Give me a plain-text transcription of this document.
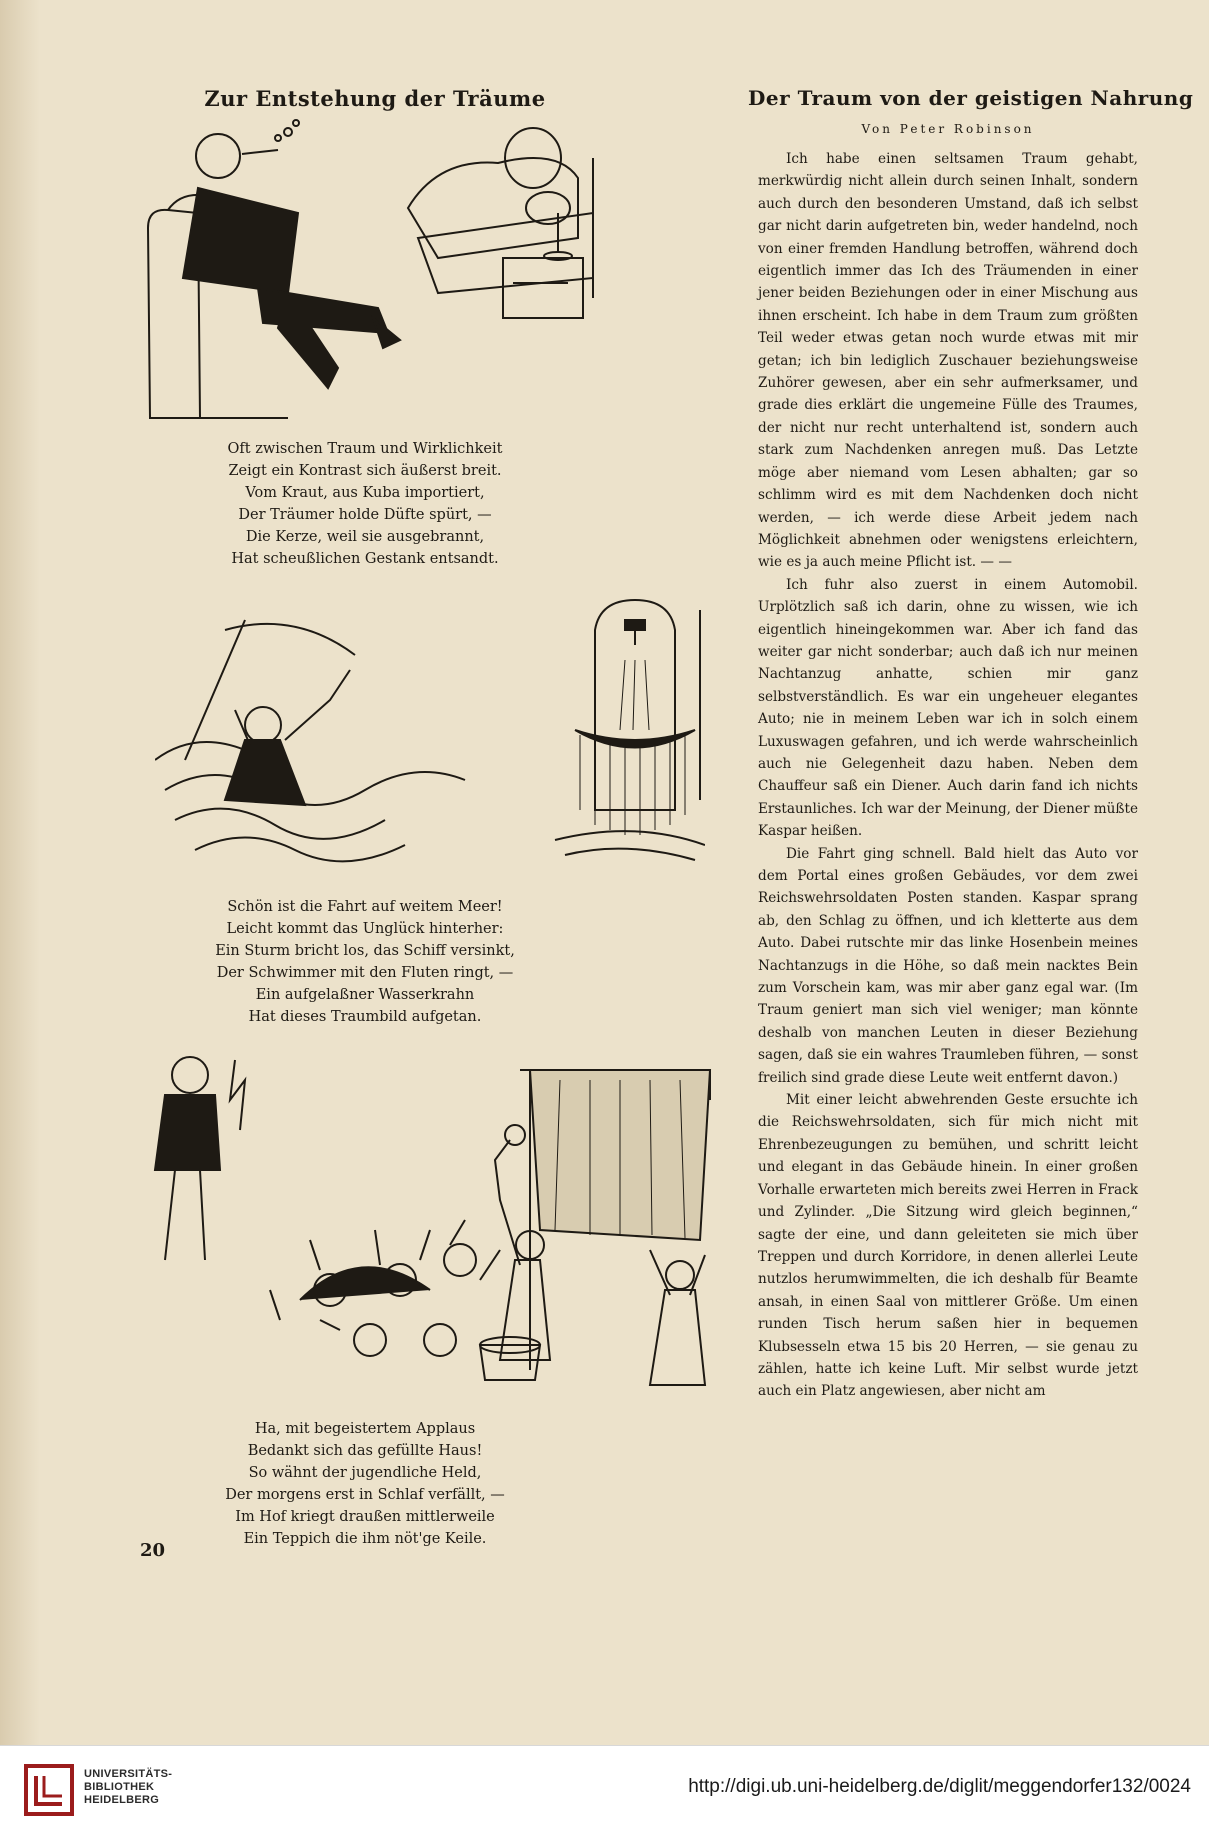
Zur Entstehung der Träume
Oft zwischen Traum und Wirklichkeit
Zeigt ein Kontrast sich äußerst breit.
Vom Kraut, aus Kuba importiert,
Der Träumer holde Düfte spürt, —
Die Kerze, weil sie ausgebrannt,
Hat scheußlichen Gestank entsandt.
Schön ist die Fahrt auf weitem Meer!
Leicht kommt das Unglück hinterher:
Ein Sturm bricht los, das Schiff versinkt,
Der Schwimmer mit den Fluten ringt, —
Ein aufgelaßner Wasserkrahn
Hat dieses Traumbild aufgetan.
Ha, mit begeistertem Applaus
Bedankt sich das gefüllte Haus!
So wähnt der jugendliche Held,
Der morgens erst in Schlaf verfällt, —
Im Hof kriegt draußen mittlerweile
Ein Teppich die ihm nöt'ge Keile.
20
Der Traum von der geistigen Nahrung
Von Peter Robinson

Ich habe einen seltsamen Traum gehabt, merkwürdig nicht allein durch seinen Inhalt, sondern auch durch den besonderen Umstand, daß ich selbst gar nicht darin aufgetreten bin, weder handelnd, noch von einer fremden Handlung betroffen, während doch eigentlich immer das Ich des Träumenden in einer jener beiden Beziehungen oder in einer Mischung aus ihnen erscheint. Ich habe in dem Traum zum größten Teil weder etwas getan noch wurde etwas mit mir getan; ich bin lediglich Zuschauer beziehungsweise Zuhörer gewesen, aber ein sehr aufmerksamer, und grade dies erklärt die ungemeine Fülle des Traumes, der nicht nur recht unterhaltend ist, sondern auch stark zum Nachdenken anregen muß. Das Letzte möge aber niemand vom Lesen abhalten; gar so schlimm wird es mit dem Nachdenken doch nicht werden, — ich werde diese Arbeit jedem nach Möglichkeit abnehmen oder wenigstens erleichtern, wie es ja auch meine Pflicht ist. — —

Ich fuhr also zuerst in einem Automobil. Urplötzlich saß ich darin, ohne zu wissen, wie ich eigentlich hineingekommen war. Aber ich fand das weiter gar nicht sonderbar; auch daß ich nur meinen Nachtanzug anhatte, schien mir ganz selbstverständlich. Es war ein ungeheuer elegantes Auto; nie in meinem Leben war ich in solch einem Luxuswagen gefahren, und ich werde wahrscheinlich auch nie Gelegenheit dazu haben. Neben dem Chauffeur saß ein Diener. Auch darin fand ich nichts Erstaunliches. Ich war der Meinung, der Diener müßte Kaspar heißen.

Die Fahrt ging schnell. Bald hielt das Auto vor dem Portal eines großen Gebäudes, vor dem zwei Reichswehrsoldaten Posten standen. Kaspar sprang ab, den Schlag zu öffnen, und ich kletterte aus dem Auto. Dabei rutschte mir das linke Hosenbein meines Nachtanzugs in die Höhe, so daß mein nacktes Bein zum Vorschein kam, was mir aber ganz egal war. (Im Traum geniert man sich viel weniger; man könnte deshalb von manchen Leuten in dieser Beziehung sagen, daß sie ein wahres Traumleben führen, — sonst freilich sind grade diese Leute weit entfernt davon.)

Mit einer leicht abwehrenden Geste ersuchte ich die Reichswehrsoldaten, sich für mich nicht mit Ehrenbezeugungen zu bemühen, und schritt leicht und elegant in das Gebäude hinein. In einer großen Vorhalle erwarteten mich bereits zwei Herren in Frack und Zylinder. „Die Sitzung wird gleich beginnen,“ sagte der eine, und dann geleiteten sie mich über Treppen und durch Korridore, in denen allerlei Leute nutzlos herumwimmelten, die ich deshalb für Beamte ansah, in einen Saal von mittlerer Größe. Um einen runden Tisch herum saßen hier in bequemen Klubsesseln etwa 15 bis 20 Herren, — sie genau zu zählen, hatte ich keine Luft. Mir selbst wurde jetzt auch ein Platz angewiesen, aber nicht am

UNIVERSITÄTS-
BIBLIOTHEK
HEIDELBERG
http://digi.ub.uni-heidelberg.de/diglit/meggendorfer132/0024
